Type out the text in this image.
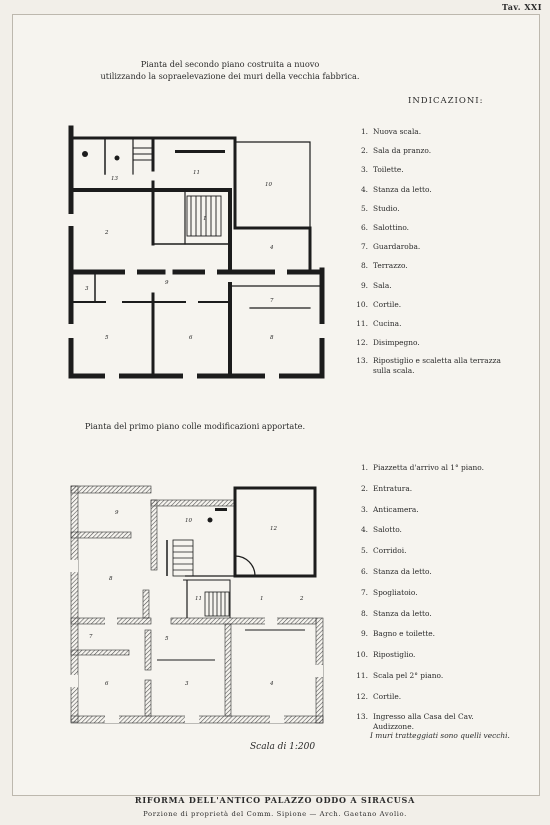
Tav. XXI
Pianta del secondo piano costruita a nuovo
utilizzando la sopraelevazione dei muri della vecchia fabbrica.
INDICAZIONI:
1. Nuova scala.
2. Sala da pranzo.
3. Toilette.
4. Stanza da letto.
5. Studio.
6. Salottino.
7. Guardaroba.
8. Terrazzo.
9. Sala.
10. Cortile.
11. Cucina.
12. Disimpegno.
13. Ripostiglio e scaletta alla terrazza sulla scala.
13
11
10
2
1
4
3
5	6
7
8
9
Pianta del primo piano colle modificazioni apportate.
1. Piazzetta d'arrivo al 1° piano.
2. Entratura.
3. Anticamera.
4. Salotto.
5. Corridoi.
6. Stanza da letto.
7. Spogliatoio.
8. Stanza da letto.
9. Bagno e toilette.
10. Ripostiglio.
11. Scala pel 2° piano.
12. Cortile.
13. Ingresso alla Casa del Cav. Audizzone.
I muri tratteggiati sono quelli vecchi.
9
10
12
8
11	1	2
7	5
6	3	4
Scala di 1:200
RIFORMA DELL'ANTICO PALAZZO ODDO A SIRACUSA
Porzione di proprietà del Comm. Sipione — Arch. Gaetano Avolio.
